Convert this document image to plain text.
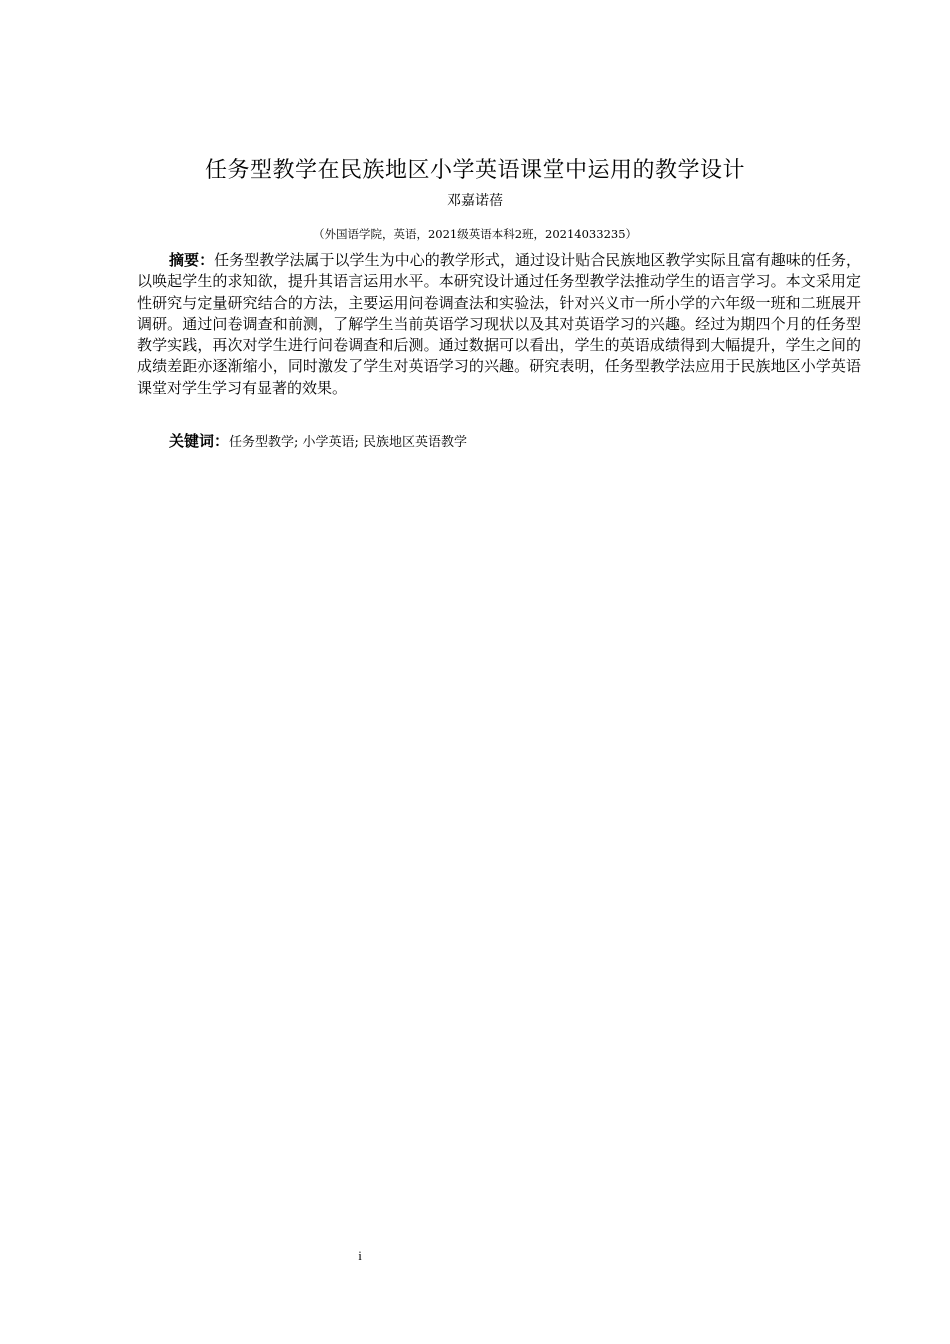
任务型教学在民族地区小学英语课堂中运用的教学设计
邓嘉诺蓓
（外国语学院，英语，2021级英语本科2班，20214033235）

摘要：任务型教学法属于以学生为中心的教学形式，通过设计贴合民族地区教学实际且富有趣味的任务，以唤起学生的求知欲，提升其语言运用水平。本研究设计通过任务型教学法推动学生的语言学习。本文采用定性研究与定量研究结合的方法，主要运用问卷调查法和实验法，针对兴义市一所小学的六年级一班和二班展开调研。通过问卷调查和前测，了解学生当前英语学习现状以及其对英语学习的兴趣。经过为期四个月的任务型教学实践，再次对学生进行问卷调查和后测。通过数据可以看出，学生的英语成绩得到大幅提升，学生之间的成绩差距亦逐渐缩小，同时激发了学生对英语学习的兴趣。研究表明，任务型教学法应用于民族地区小学英语课堂对学生学习有显著的效果。

关键词：任务型教学; 小学英语; 民族地区英语教学

i
